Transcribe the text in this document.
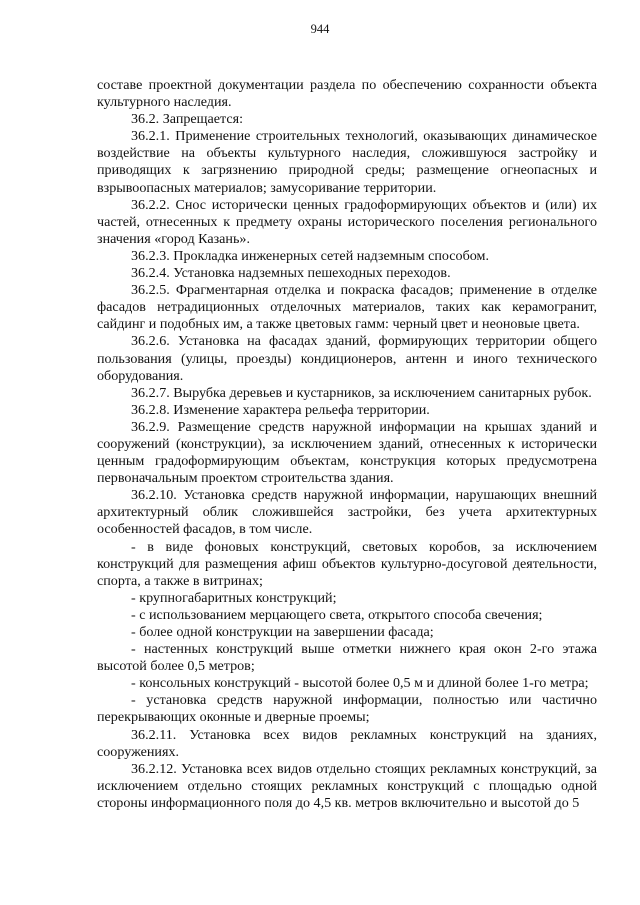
944

составе проектной документации раздела по обеспечению сохранности объекта культурного наследия.

36.2. Запрещается:

36.2.1. Применение строительных технологий, оказывающих динамическое воздействие на объекты культурного наследия, сложившуюся застройку и приводящих к загрязнению природной среды; размещение огнеопасных и взрывоопасных материалов; замусоривание территории.

36.2.2. Снос исторически ценных градоформирующих объектов и (или) их частей, отнесенных к предмету охраны исторического поселения регионального значения «город Казань».

36.2.3. Прокладка инженерных сетей надземным способом.

36.2.4. Установка надземных пешеходных переходов.

36.2.5. Фрагментарная отделка и покраска фасадов; применение в отделке фасадов нетрадиционных отделочных материалов, таких как керамогранит, сайдинг и подобных им, а также цветовых гамм: черный цвет и неоновые цвета.

36.2.6. Установка на фасадах зданий, формирующих территории общего пользования (улицы, проезды) кондиционеров, антенн и иного технического оборудования.

36.2.7. Вырубка деревьев и кустарников, за исключением санитарных рубок.

36.2.8. Изменение характера рельефа территории.

36.2.9. Размещение средств наружной информации на крышах зданий и сооружений (конструкции), за исключением зданий, отнесенных к исторически ценным градоформирующим объектам, конструкция которых предусмотрена первоначальным проектом строительства здания.

36.2.10. Установка средств наружной информации, нарушающих внешний архитектурный облик сложившейся застройки, без учета архитектурных особенностей фасадов, в том числе.

- в виде фоновых конструкций, световых коробов, за исключением конструкций для размещения афиш объектов культурно-досуговой деятельности, спорта, а также в витринах;

- крупногабаритных конструкций;

- с использованием мерцающего света, открытого способа свечения;

- более одной конструкции на завершении фасада;

- настенных конструкций выше отметки нижнего края окон 2-го этажа высотой более 0,5 метров;

- консольных конструкций - высотой более 0,5 м и длиной более 1-го метра;

- установка средств наружной информации, полностью или частично перекрывающих оконные и дверные проемы;

36.2.11. Установка всех видов рекламных конструкций на зданиях, сооружениях.

36.2.12. Установка всех видов отдельно стоящих рекламных конструкций, за исключением отдельно стоящих рекламных конструкций с площадью одной стороны информационного поля до 4,5 кв. метров включительно и высотой до 5
